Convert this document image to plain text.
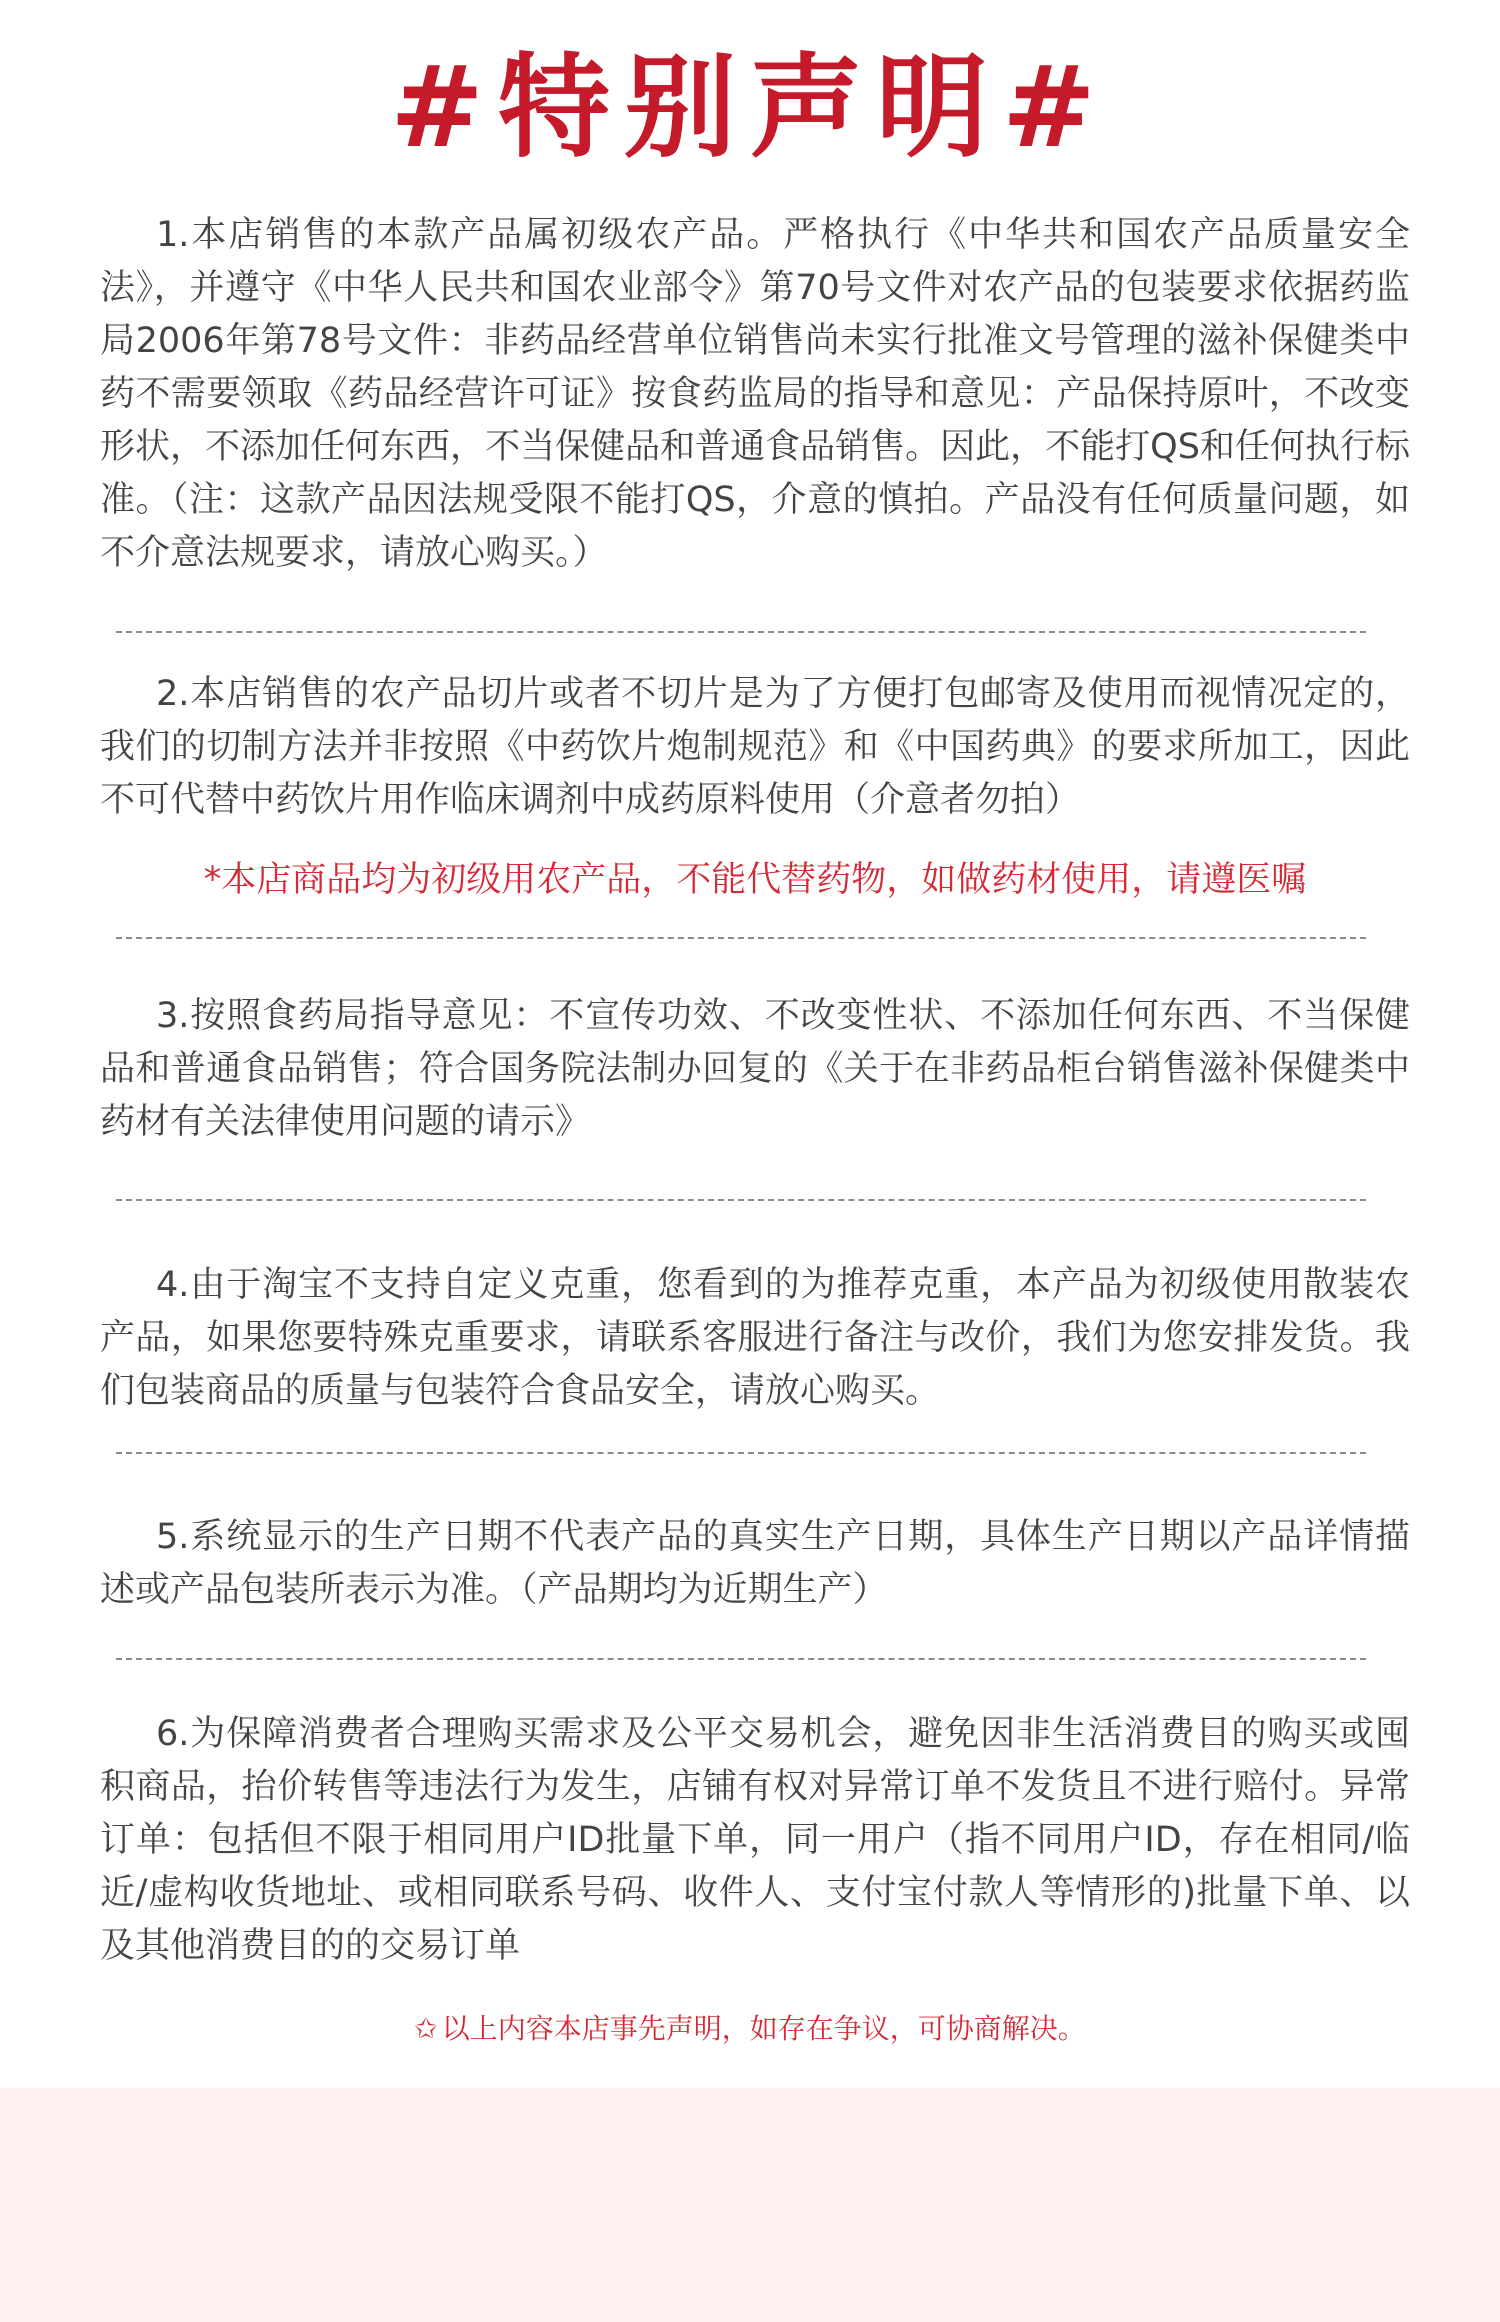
#特别声明#

1.本店销售的本款产品属初级农产品。严格执行《中华共和国农产品质量安全法》，并遵守《中华人民共和国农业部令》第70号文件对农产品的包装要求依据药监局2006年第78号文件：非药品经营单位销售尚未实行批准文号管理的滋补保健类中药不需要领取《药品经营许可证》按食药监局的指导和意见：产品保持原叶，不改变形状，不添加任何东西，不当保健品和普通食品销售。因此，不能打QS和任何执行标准。（注：这款产品因法规受限不能打QS，介意的慎拍。产品没有任何质量问题，如不介意法规要求，请放心购买。）

2.本店销售的农产品切片或者不切片是为了方便打包邮寄及使用而视情况定的，我们的切制方法并非按照《中药饮片炮制规范》和《中国药典》的要求所加工，因此不可代替中药饮片用作临床调剂中成药原料使用（介意者勿拍）

*本店商品均为初级用农产品，不能代替药物，如做药材使用，请遵医嘱

3.按照食药局指导意见：不宣传功效、不改变性状、不添加任何东西、不当保健品和普通食品销售；符合国务院法制办回复的《关于在非药品柜台销售滋补保健类中药材有关法律使用问题的请示》

4.由于淘宝不支持自定义克重，您看到的为推荐克重，本产品为初级使用散装农产品，如果您要特殊克重要求，请联系客服进行备注与改价，我们为您安排发货。我们包装商品的质量与包装符合食品安全，请放心购买。

5.系统显示的生产日期不代表产品的真实生产日期，具体生产日期以产品详情描述或产品包装所表示为准。（产品期均为近期生产）

6.为保障消费者合理购买需求及公平交易机会，避免因非生活消费目的购买或囤积商品，抬价转售等违法行为发生，店铺有权对异常订单不发货且不进行赔付。异常订单：包括但不限于相同用户ID批量下单，同一用户（指不同用户ID，存在相同/临近/虚构收货地址、或相同联系号码、收件人、支付宝付款人等情形的)批量下单、以及其他消费目的的交易订单

✩ 以上内容本店事先声明，如存在争议，可协商解决。
